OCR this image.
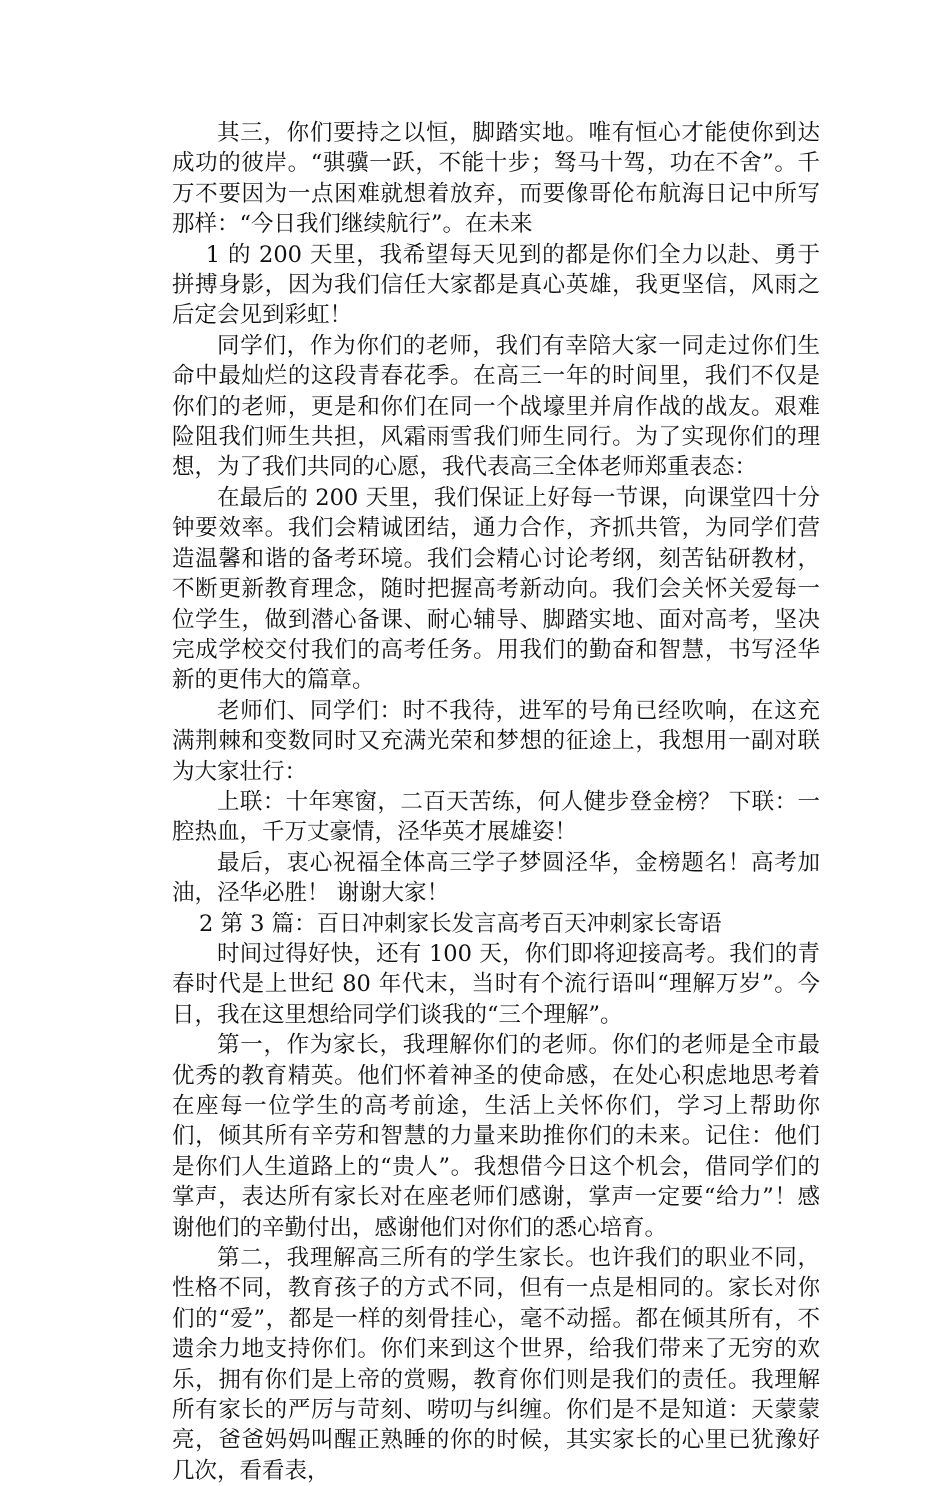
其三，你们要持之以恒，脚踏实地。唯有恒心才能使你到达成功的彼岸。“骐骥一跃，不能十步；驽马十驾，功在不舍”。千万不要因为一点困难就想着放弃，而要像哥伦布航海日记中所写那样：“今日我们继续航行”。在未来

1 的 200 天里，我希望每天见到的都是你们全力以赴、勇于拼搏身影，因为我们信任大家都是真心英雄，我更坚信，风雨之后定会见到彩虹！

同学们，作为你们的老师，我们有幸陪大家一同走过你们生命中最灿烂的这段青春花季。在高三一年的时间里，我们不仅是你们的老师，更是和你们在同一个战壕里并肩作战的战友。艰难险阻我们师生共担，风霜雨雪我们师生同行。为了实现你们的理想，为了我们共同的心愿，我代表高三全体老师郑重表态：

在最后的 200 天里，我们保证上好每一节课，向课堂四十分钟要效率。我们会精诚团结，通力合作，齐抓共管，为同学们营造温馨和谐的备考环境。我们会精心讨论考纲，刻苦钻研教材，不断更新教育理念，随时把握高考新动向。我们会关怀关爱每一位学生，做到潜心备课、耐心辅导、脚踏实地、面对高考，坚决完成学校交付我们的高考任务。用我们的勤奋和智慧，书写泾华新的更伟大的篇章。

老师们、同学们：时不我待，进军的号角已经吹响，在这充满荆棘和变数同时又充满光荣和梦想的征途上，我想用一副对联为大家壮行：

上联：十年寒窗，二百天苦练，何人健步登金榜？ 下联：一腔热血，千万丈豪情，泾华英才展雄姿！

最后，衷心祝福全体高三学子梦圆泾华，金榜题名！高考加油，泾华必胜！ 谢谢大家！

2 第 3 篇：百日冲刺家长发言高考百天冲刺家长寄语

时间过得好快，还有 100 天，你们即将迎接高考。我们的青春时代是上世纪 80 年代末，当时有个流行语叫“理解万岁”。今日，我在这里想给同学们谈我的“三个理解”。

第一，作为家长，我理解你们的老师。你们的老师是全市最优秀的教育精英。他们怀着神圣的使命感，在处心积虑地思考着在座每一位学生的高考前途，生活上关怀你们，学习上帮助你们，倾其所有辛劳和智慧的力量来助推你们的未来。记住：他们是你们人生道路上的“贵人”。我想借今日这个机会，借同学们的掌声，表达所有家长对在座老师们感谢，掌声一定要“给力”！感谢他们的辛勤付出，感谢他们对你们的悉心培育。

第二，我理解高三所有的学生家长。也许我们的职业不同，性格不同，教育孩子的方式不同，但有一点是相同的。家长对你们的“爱”，都是一样的刻骨挂心，毫不动摇。都在倾其所有，不遗余力地支持你们。你们来到这个世界，给我们带来了无穷的欢乐，拥有你们是上帝的赏赐，教育你们则是我们的责任。我理解所有家长的严厉与苛刻、唠叨与纠缠。你们是不是知道：天蒙蒙亮，爸爸妈妈叫醒正熟睡的你的时候，其实家长的心里已犹豫好几次，看看表，
